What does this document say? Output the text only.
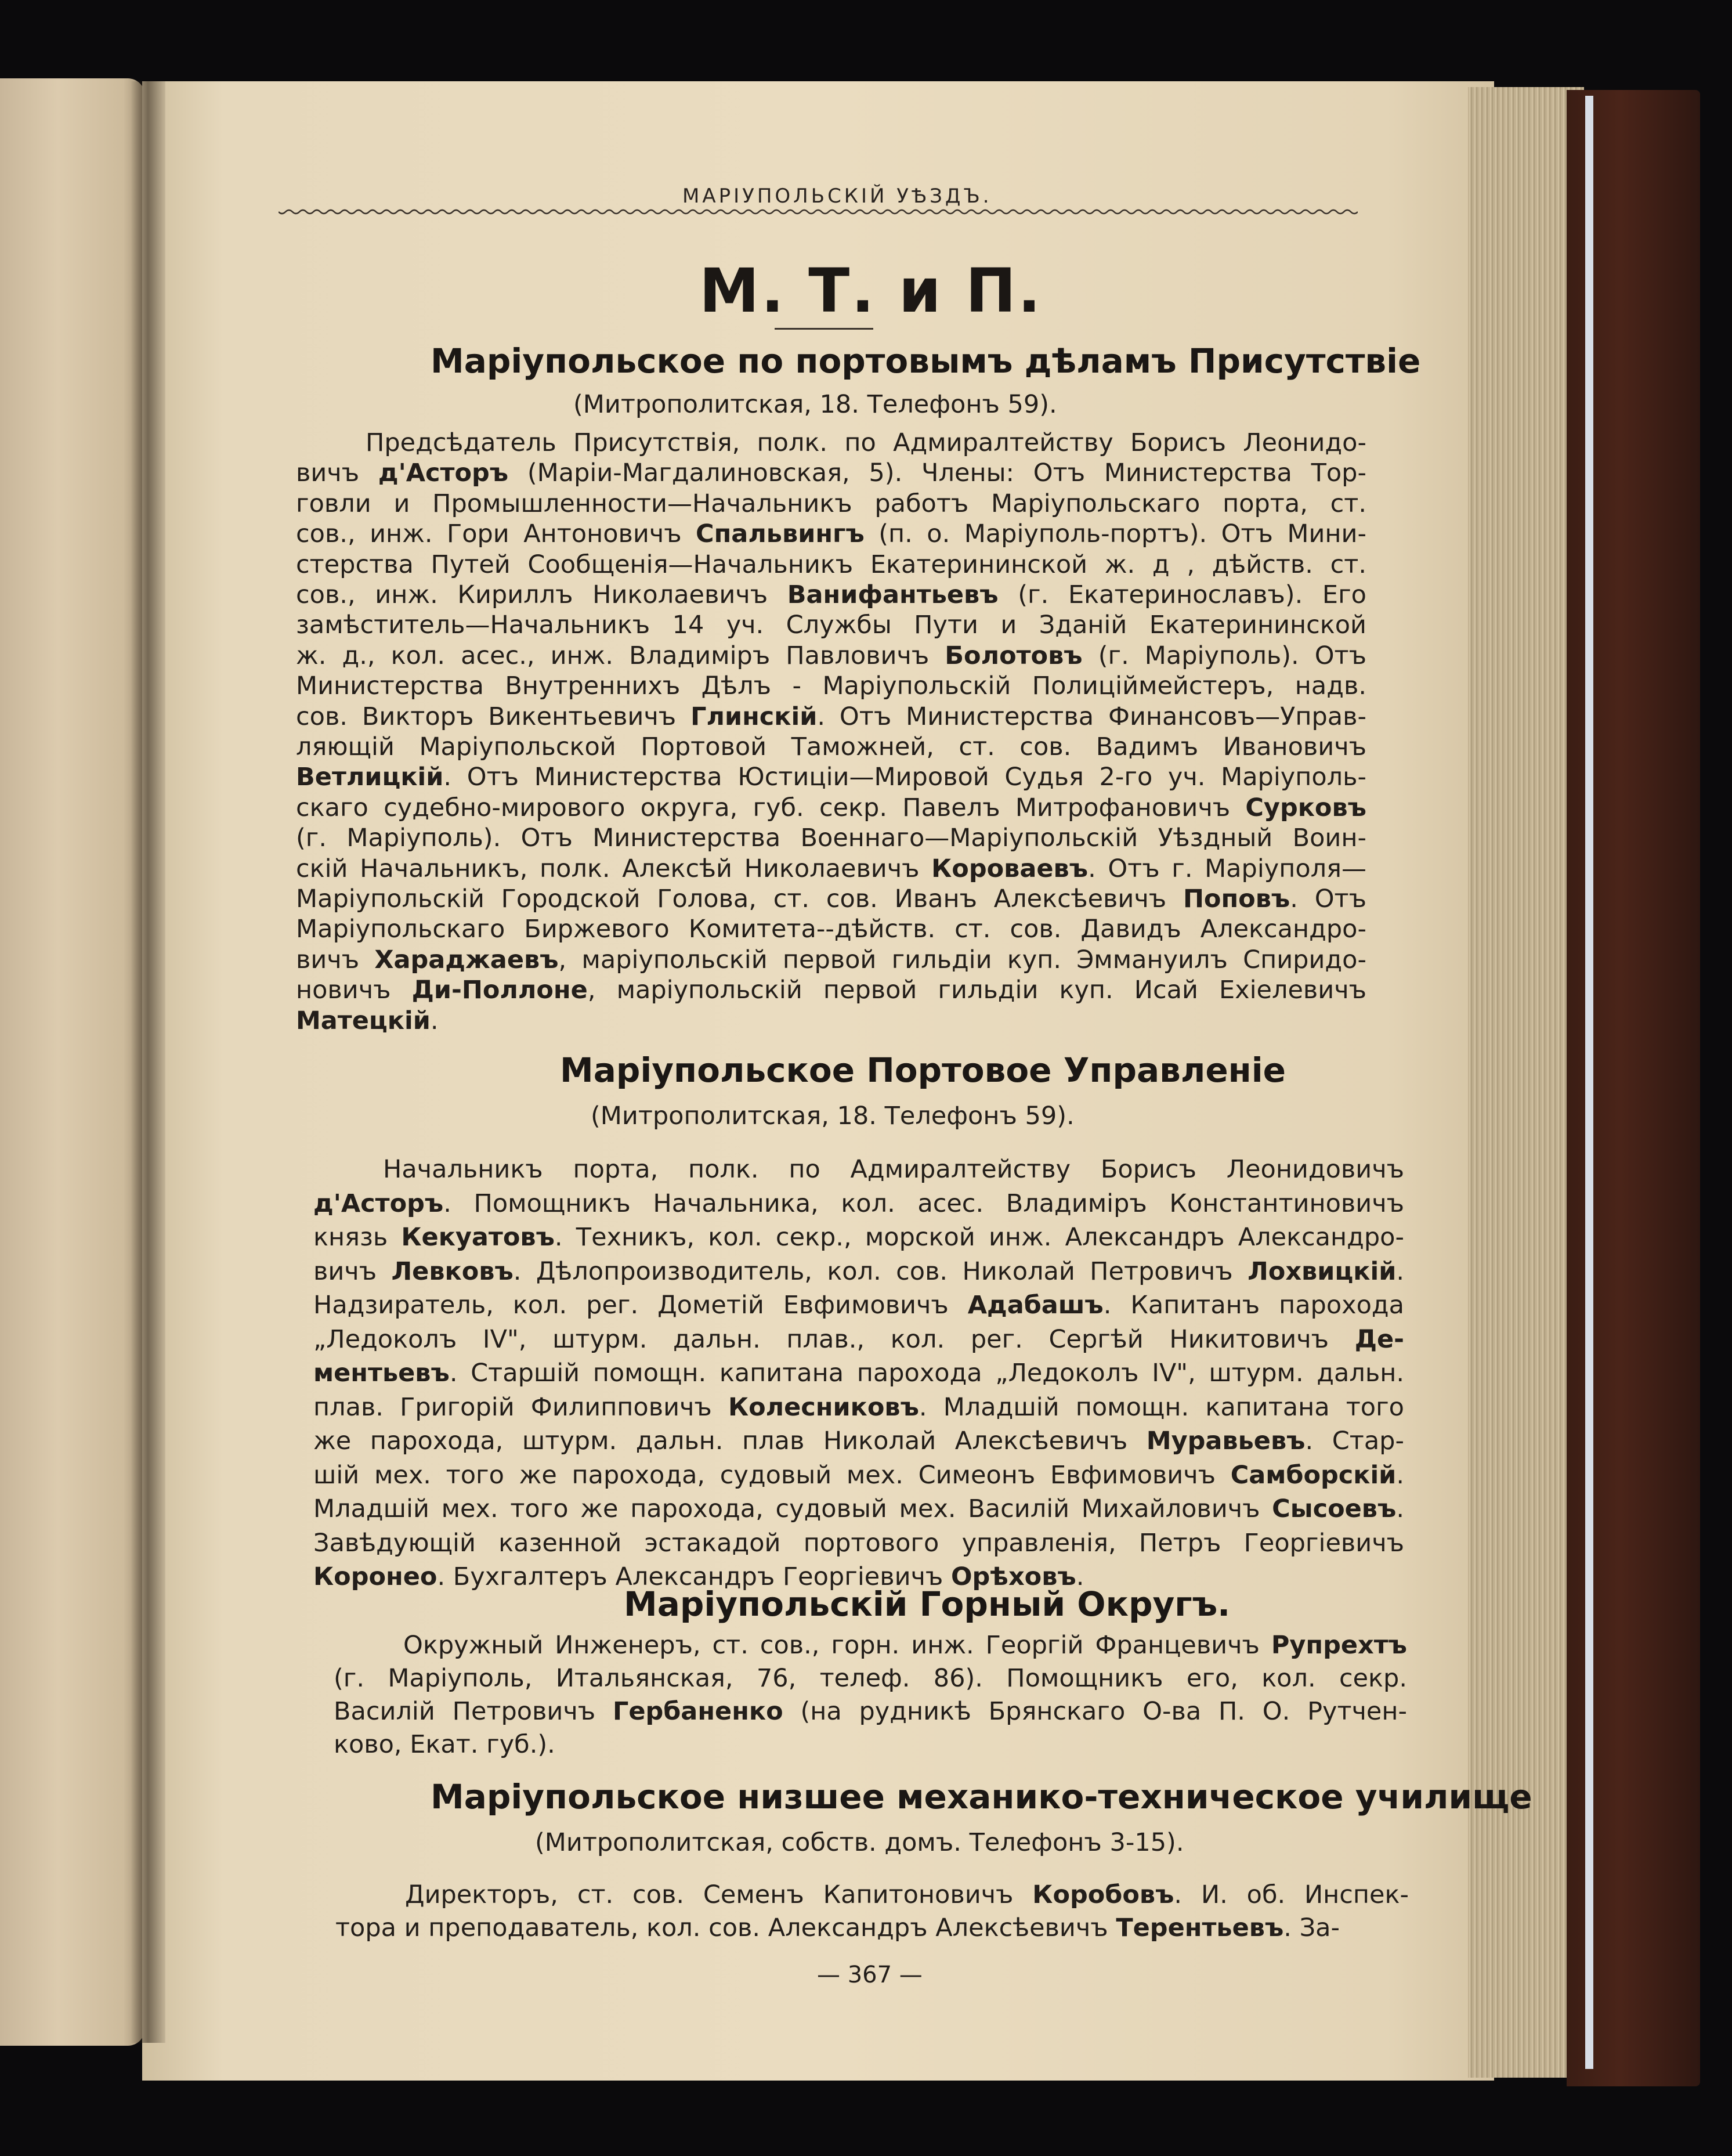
МАРІУПОЛЬСКІЙ УѢЗДЪ.
М. Т. и П.
Маріупольское по портовымъ дѣламъ Присутствіе
(Митрополитская, 18. Телефонъ 59).
Предсѣдатель Присутствія, полк. по Адмиралтейству Борисъ Леонидо-
вичъ д'Асторъ (Маріи-Магдалиновская, 5). Члены: Отъ Министерства Тор-
говли и Промышленности—Начальникъ работъ Маріупольскаго порта, ст.
сов., инж. Гори Антоновичъ Спальвингъ (п. о. Маріуполь-портъ). Отъ Мини-
стерства Путей Сообщенія—Начальникъ Екатерининской ж. д , дѣйств. ст.
сов., инж. Кириллъ Николаевичъ Ванифантьевъ (г. Екатеринославъ). Его
замѣститель—Начальникъ 14 уч. Службы Пути и Зданій Екатерининской
ж. д., кол. асес., инж. Владиміръ Павловичъ Болотовъ (г. Маріуполь). Отъ
Министерства Внутреннихъ Дѣлъ - Маріупольскій Полиціймейстеръ, надв.
сов. Викторъ Викентьевичъ Глинскій. Отъ Министерства Финансовъ—Управ-
ляющій Маріупольской Портовой Таможней, ст. сов. Вадимъ Ивановичъ
Ветлицкій. Отъ Министерства Юстиціи—Мировой Судья 2-го уч. Маріуполь-
скаго судебно-мирового округа, губ. секр. Павелъ Митрофановичъ Сурковъ
(г. Маріуполь). Отъ Министерства Военнаго—Маріупольскій Уѣздный Воин-
скій Начальникъ, полк. Алексѣй Николаевичъ Короваевъ. Отъ г. Маріуполя—
Маріупольскій Городской Голова, ст. сов. Иванъ Алексѣевичъ Поповъ. Отъ
Маріупольскаго Биржевого Комитета--дѣйств. ст. сов. Давидъ Александро-
вичъ Хараджаевъ, маріупольскій первой гильдіи куп. Эммануилъ Спиридо-
новичъ Ди-Поллоне, маріупольскій первой гильдіи куп. Исай Ехіелевичъ
Матецкій.
Маріупольское Портовое Управленіе
(Митрополитская, 18. Телефонъ 59).
Начальникъ порта, полк. по Адмиралтейству Борисъ Леонидовичъ
д'Асторъ. Помощникъ Начальника, кол. асес. Владиміръ Константиновичъ
князь Кекуатовъ. Техникъ, кол. секр., морской инж. Александръ Александро-
вичъ Левковъ. Дѣлопроизводитель, кол. сов. Николай Петровичъ Лохвицкій.
Надзиратель, кол. рег. Дометій Евфимовичъ Адабашъ. Капитанъ парохода
„Ледоколъ IV", штурм. дальн. плав., кол. рег. Сергѣй Никитовичъ Де-
ментьевъ. Старшій помощн. капитана парохода „Ледоколъ IV", штурм. дальн.
плав. Григорій Филипповичъ Колесниковъ. Младшій помощн. капитана того
же парохода, штурм. дальн. плав Николай Алексѣевичъ Муравьевъ. Стар-
шій мех. того же парохода, судовый мех. Симеонъ Евфимовичъ Самборскій.
Младшій мех. того же парохода, судовый мех. Василій Михайловичъ Сысоевъ.
Завѣдующій казенной эстакадой портового управленія, Петръ Георгіевичъ
Коронео. Бухгалтеръ Александръ Георгіевичъ Орѣховъ.
Маріупольскій Горный Округъ.
Окружный Инженеръ, ст. сов., горн. инж. Георгій Францевичъ Рупрехтъ
(г. Маріуполь, Итальянская, 76, телеф. 86). Помощникъ его, кол. секр.
Василій Петровичъ Гербаненко (на рудникѣ Брянскаго О-ва П. О. Рутчен-
ково, Екат. губ.).
Маріупольское низшее механико-техническое училище
(Митрополитская, собств. домъ. Телефонъ 3-15).
Директоръ, ст. сов. Семенъ Капитоновичъ Коробовъ. И. об. Инспек-
тора и преподаватель, кол. сов. Александръ Алексѣевичъ Терентьевъ. За-
— 367 —
